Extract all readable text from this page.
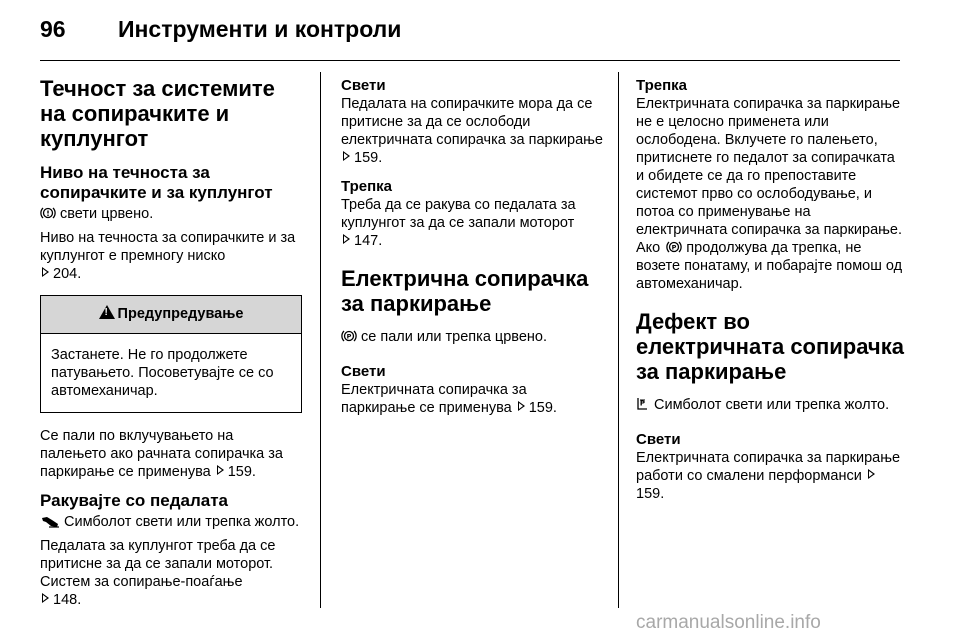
96 Инструменти и контроли
Течност за системите на сопирачките и куплунгот
Ниво на течноста за сопирачките и за куплунгот

свети црвено.

Ниво на течноста за сопирачките и за куплунгот е премногу ниско
204.

!Предупредување

Застанете. Не го продолжете патувањето. Посоветувајте се со автомеханичар.

Се пали по вклучувањето на палењето ако рачната сопирачка за паркирање се применува 159.

Ракувајте со педалата

Симболот свети или трепка жолто.

Педалата за куплунгот треба да се притисне за да се запали моторот. Систем за сопирање-поаѓање
148.

Свети

Педалата на сопирачките мора да се притисне за да се ослободи електричната сопирачка за паркирање 159.

Трепка

Треба да се ракува со педалата за куплунгот за да се запали моторот
147.

Електрична сопирачка за паркирање

P се пали или трепка црвено.

Свети

Електричната сопирачка за паркирање се применува 159.

Трепка

Електричната сопирачка за паркирање не е целосно применета или ослободена. Вклучете го палењето, притиснете го педалот за сопирачката и обидете се да го препоставите системот прво со ослободување, и потоа со применување на електричната сопирачка за паркирање. Ако P продолжува да трепка, не возете понатаму, и побарајте помош од автомеханичар.

Дефект во електричната сопирачка за паркирање

P Симболот свети или трепка жолто.

Свети

Електричната сопирачка за паркирање работи со смалени перформанси 159.

carmanualsonline.info
